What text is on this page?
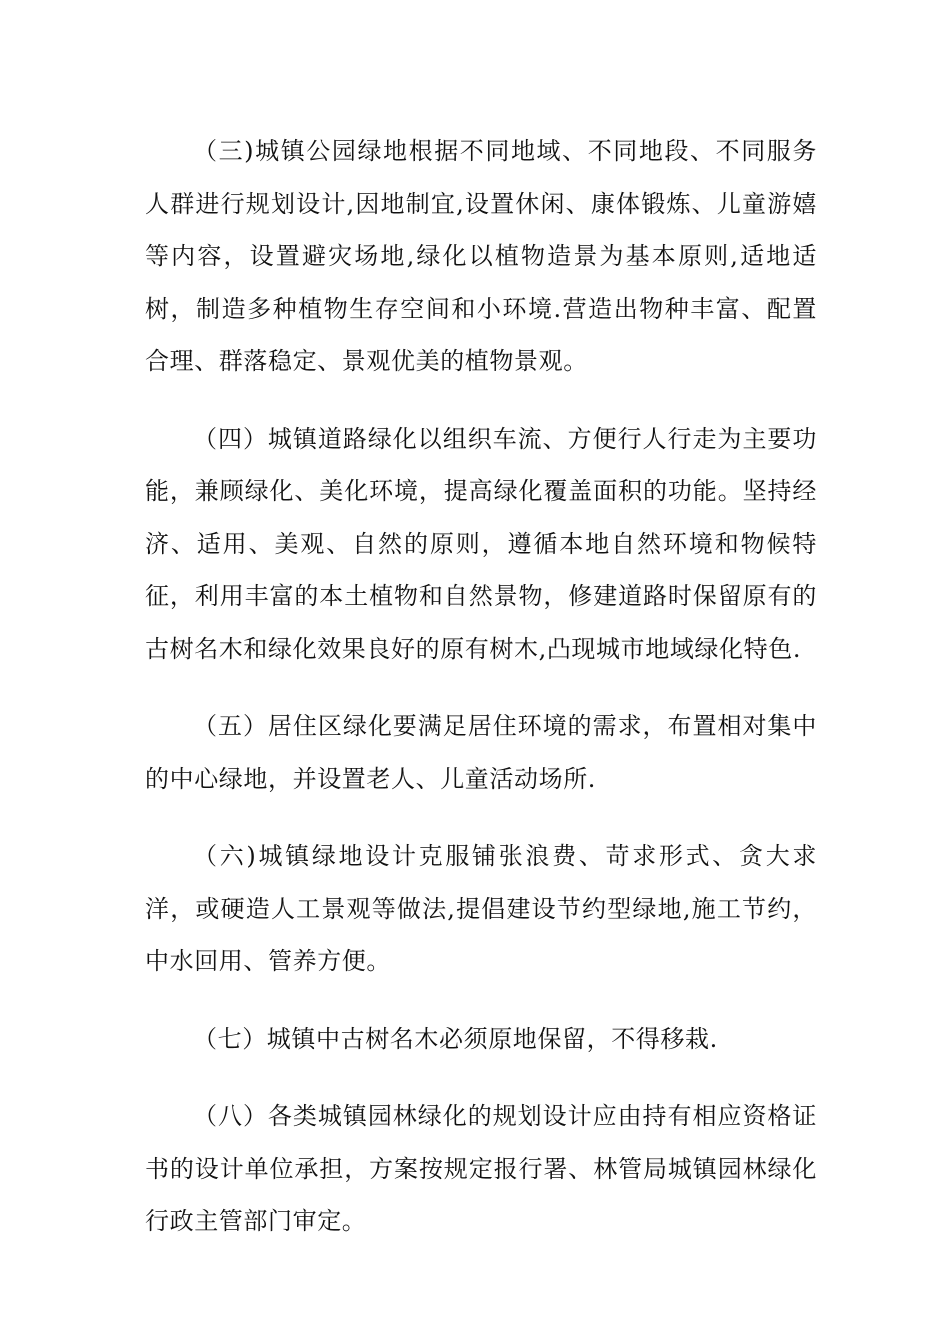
（三)城镇公园绿地根据不同地域、不同地段、不同服务人群进行规划设计,因地制宜,设置休闲、康体锻炼、儿童游嬉等内容，设置避灾场地,绿化以植物造景为基本原则,适地适树，制造多种植物生存空间和小环境.营造出物种丰富、配置合理、群落稳定、景观优美的植物景观。

（四）城镇道路绿化以组织车流、方便行人行走为主要功能，兼顾绿化、美化环境，提高绿化覆盖面积的功能。坚持经济、适用、美观、自然的原则，遵循本地自然环境和物候特征，利用丰富的本土植物和自然景物，修建道路时保留原有的古树名木和绿化效果良好的原有树木,凸现城市地域绿化特色.

（五）居住区绿化要满足居住环境的需求，布置相对集中的中心绿地，并设置老人、儿童活动场所.

（六)城镇绿地设计克服铺张浪费、苛求形式、贪大求洋，或硬造人工景观等做法,提倡建设节约型绿地,施工节约，中水回用、管养方便。

（七）城镇中古树名木必须原地保留，不得移栽.

（八）各类城镇园林绿化的规划设计应由持有相应资格证书的设计单位承担，方案按规定报行署、林管局城镇园林绿化行政主管部门审定。
